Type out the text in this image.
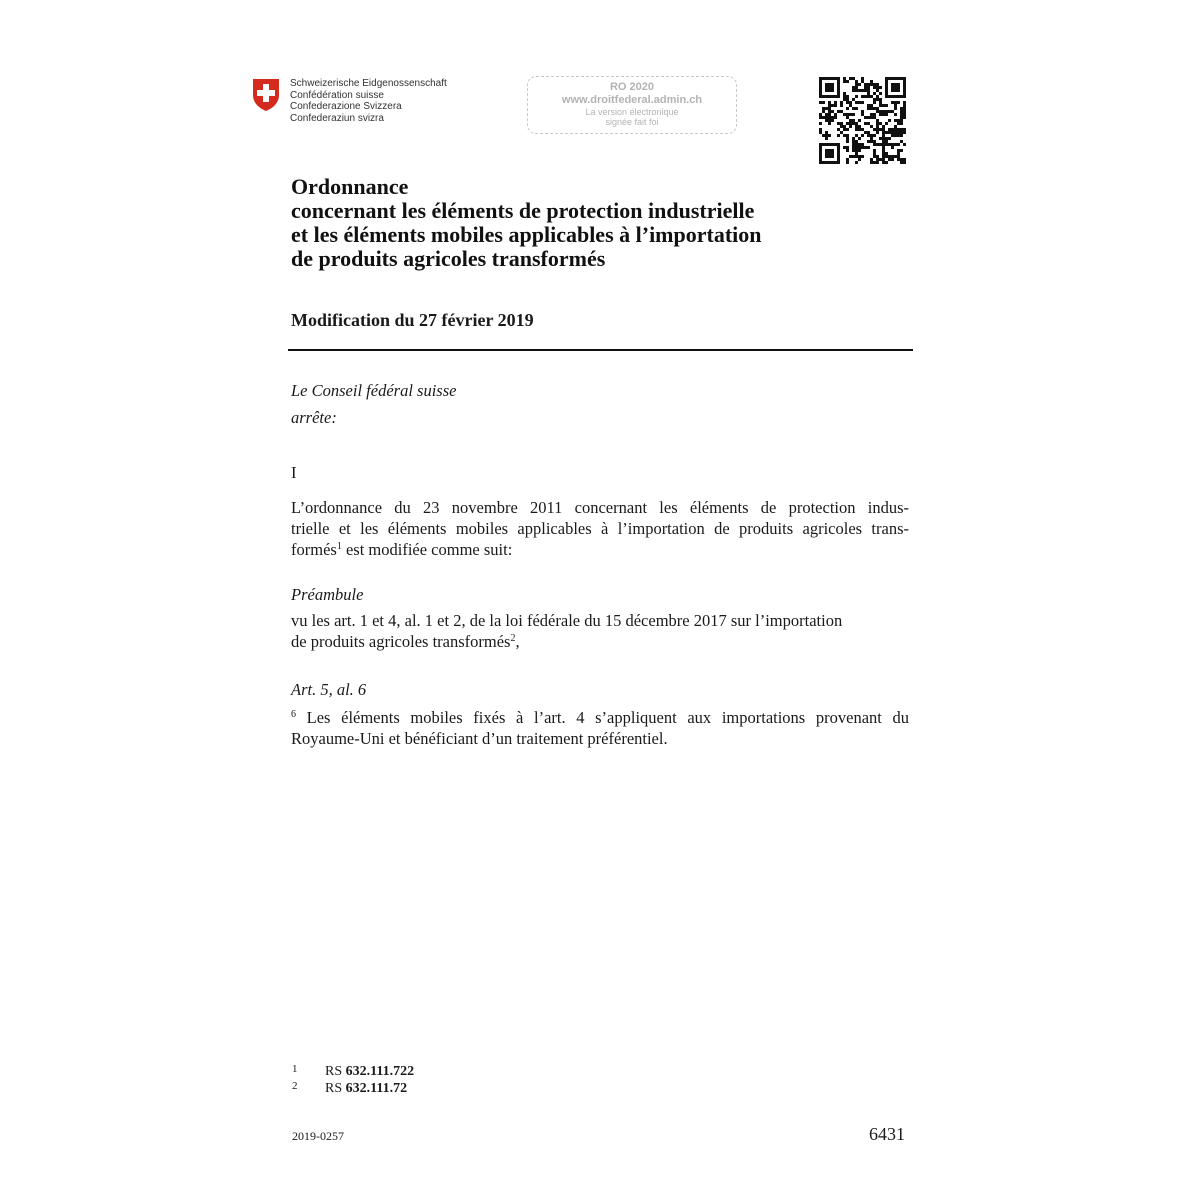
Schweizerische Eidgenossenschaft
Confédération suisse
Confederazione Svizzera
Confederaziun svizra
RO 2020
www.droitfederal.admin.ch
La version électronique
signée fait foi
Ordonnance
concernant les éléments de protection industrielle
et les éléments mobiles applicables à l’importation
de produits agricoles transformés
Modification du 27 février 2019
Le Conseil fédéral suisse
arrête:
I
L’ordonnance du 23 novembre 2011 concernant les éléments de protection indus-
trielle et les éléments mobiles applicables à l’importation de produits agricoles trans-
formés$^1$ est modifiée comme suit:
Préambule
vu les art. 1 et 4, al. 1 et 2, de la loi fédérale du 15 décembre 2017 sur l’importation
de produits agricoles transformés$^2$,
Art. 5, al. 6
$^6$ Les éléments mobiles fixés à l’art. 4 s’appliquent aux importations provenant du
Royaume-Uni et bénéficiant d’un traitement préférentiel.
1 RS 632.111.722
2 RS 632.111.72
2019-0257	6431
